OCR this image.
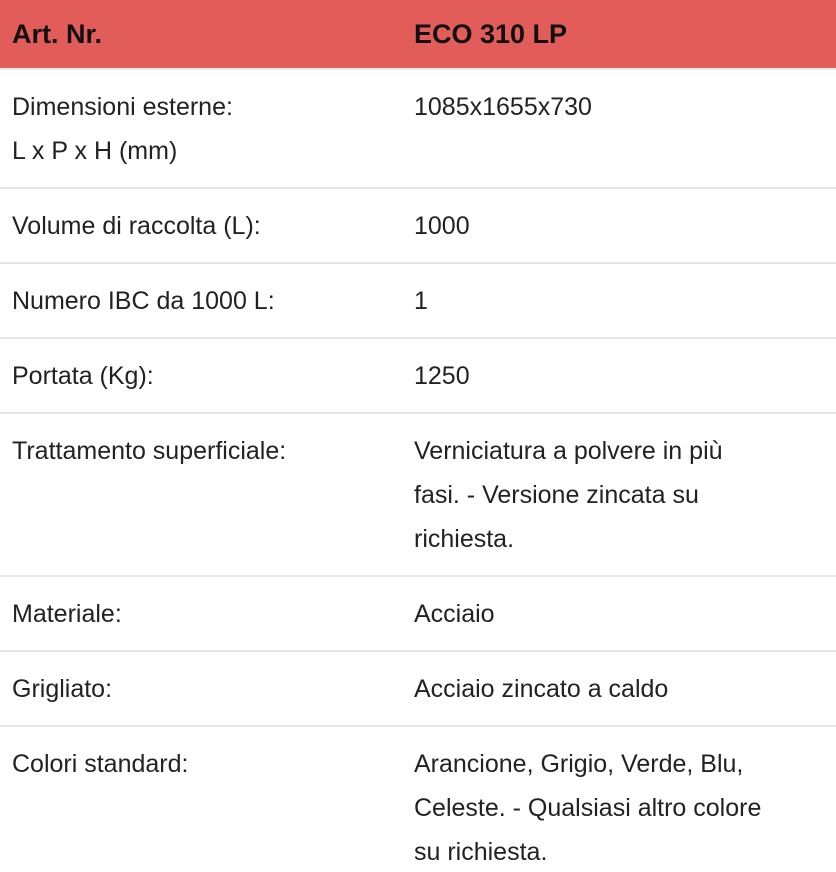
Art. Nr.	ECO 310 LP
Dimensioni esterne:
L x P x H (mm)	1085x1655x730
Volume di raccolta (L):	1000
Numero IBC da 1000 L:	1
Portata (Kg):	1250
Trattamento superficiale:	Verniciatura a polvere in più
fasi. - Versione zincata su
richiesta.
Materiale:	Acciaio
Grigliato:	Acciaio zincato a caldo
Colori standard:	Arancione, Grigio, Verde, Blu,
Celeste. - Qualsiasi altro colore
su richiesta.
